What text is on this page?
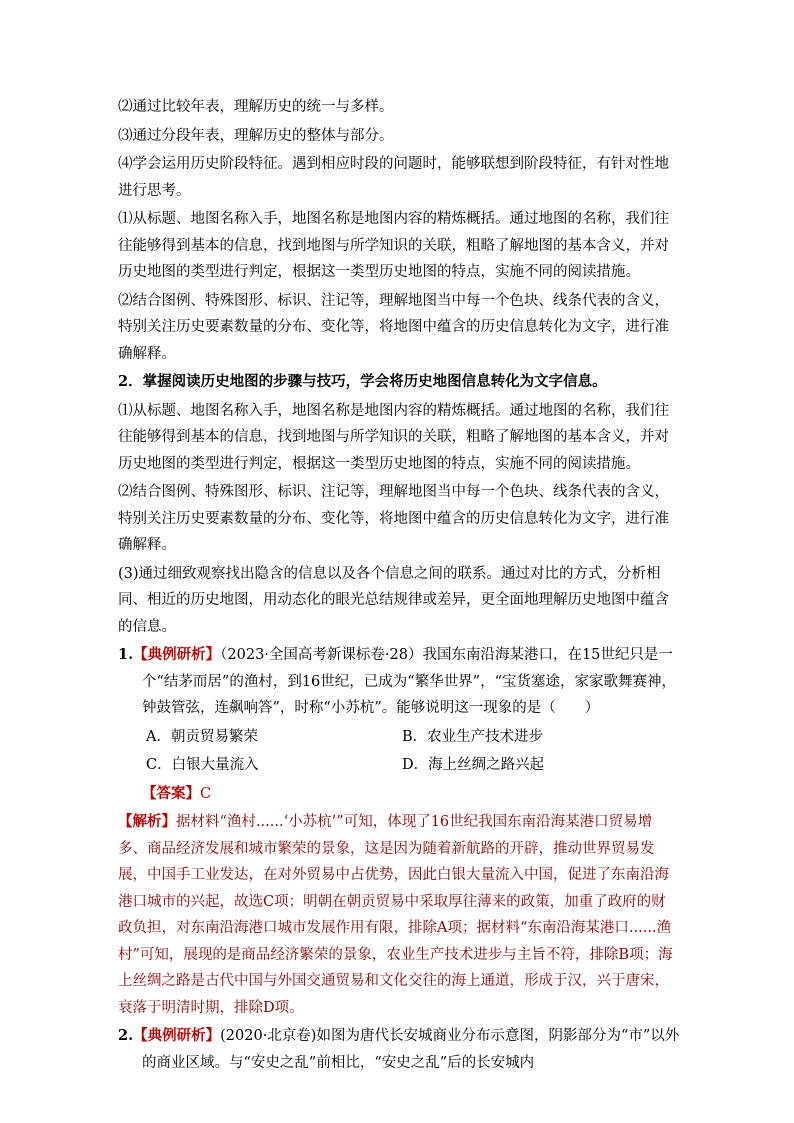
⑵通过比较年表，理解历史的统一与多样。

⑶通过分段年表，理解历史的整体与部分。

⑷学会运用历史阶段特征。遇到相应时段的问题时，能够联想到阶段特征，有针对性地进行思考。

⑴从标题、地图名称入手，地图名称是地图内容的精炼概括。通过地图的名称，我们往往能够得到基本的信息，找到地图与所学知识的关联，粗略了解地图的基本含义，并对历史地图的类型进行判定，根据这一类型历史地图的特点，实施不同的阅读措施。

⑵结合图例、特殊图形、标识、注记等，理解地图当中每一个色块、线条代表的含义，特别关注历史要素数量的分布、变化等，将地图中蕴含的历史信息转化为文字，进行准确解释。

2．掌握阅读历史地图的步骤与技巧，学会将历史地图信息转化为文字信息。

⑴从标题、地图名称入手，地图名称是地图内容的精炼概括。通过地图的名称，我们往往能够得到基本的信息，找到地图与所学知识的关联，粗略了解地图的基本含义，并对历史地图的类型进行判定，根据这一类型历史地图的特点，实施不同的阅读措施。

⑵结合图例、特殊图形、标识、注记等，理解地图当中每一个色块、线条代表的含义，特别关注历史要素数量的分布、变化等，将地图中蕴含的历史信息转化为文字，进行准确解释。

(3)通过细致观察找出隐含的信息以及各个信息之间的联系。通过对比的方式，分析相同、相近的历史地图，用动态化的眼光总结规律或差异，更全面地理解历史地图中蕴含的信息。

1.【典例研析】（2023·全国高考新课标卷·28）我国东南沿海某港口，在15世纪只是一个“结茅而居”的渔村，到16世纪，已成为“繁华世界”，“宝货塞途，家家歌舞赛神，钟鼓管弦，连飙响答”，时称“小苏杭”。能够说明这一现象的是（　　）

A．朝贡贸易繁荣	B．农业生产技术进步
C．白银大量流入	D．海上丝绸之路兴起

【答案】C

【解析】据材料“渔村......‘小苏杭’”可知，体现了16世纪我国东南沿海某港口贸易增多、商品经济发展和城市繁荣的景象，这是因为随着新航路的开辟，推动世界贸易发展，中国手工业发达，在对外贸易中占优势，因此白银大量流入中国，促进了东南沿海港口城市的兴起，故选C项；明朝在朝贡贸易中采取厚往薄来的政策，加重了政府的财政负担，对东南沿海港口城市发展作用有限，排除A项；据材料“东南沿海某港口......渔村”可知，展现的是商品经济繁荣的景象，农业生产技术进步与主旨不符，排除B项；海上丝绸之路是古代中国与外国交通贸易和文化交往的海上通道，形成于汉，兴于唐宋，衰落于明清时期，排除D项。

2.【典例研析】(2020·北京卷)如图为唐代长安城商业分布示意图，阴影部分为“市”以外的商业区域。与“安史之乱”前相比，“安史之乱”后的长安城内
